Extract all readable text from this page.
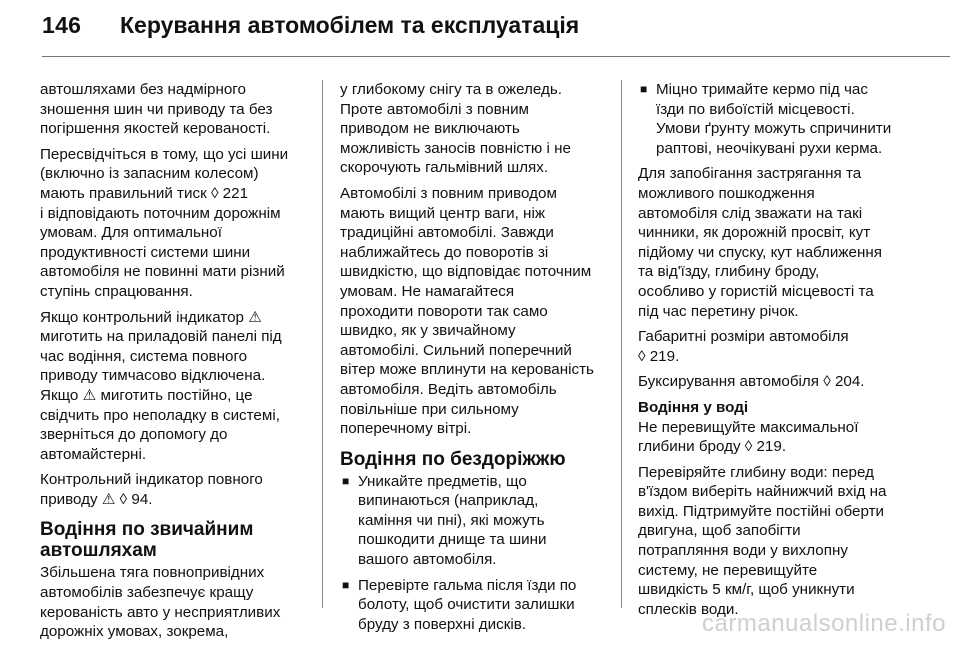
146 Керування автомобілем та експлуатація

автошляхами без надмірного
зношення шин чи приводу та без
погіршення якостей керованості.

Пересвідчіться в тому, що усі шини
(включно із запасним колесом)
мають правильний тиск ◊ 221
і відповідають поточним дорожнім
умовам. Для оптимальної
продуктивності системи шини
автомобіля не повинні мати різний
ступінь спрацювання.

Якщо контрольний індикатор ⚠
миготить на приладовій панелі під
час водіння, система повного
приводу тимчасово відключена.
Якщо ⚠ миготить постійно, це
свідчить про неполадку в системі,
зверніться до допомогу до
автомайстерні.

Контрольний індикатор повного
приводу ⚠ ◊ 94.

Водіння по звичайним
автошляхам

Збільшена тяга повнопривідних
автомобілів забезпечує кращу
керованість авто у несприятливих
дорожніх умовах, зокрема,

у глибокому снігу та в ожеледь.
Проте автомобілі з повним
приводом не виключають
можливість заносів повністю і не
скорочують гальмівний шлях.

Автомобілі з повним приводом
мають вищий центр ваги, ніж
традиційні автомобілі. Завжди
наближайтесь до поворотів зі
швидкістю, що відповідає поточним
умовам. Не намагайтеся
проходити повороти так само
швидко, як у звичайному
автомобілі. Сильний поперечний
вітер може вплинути на керованість
автомобіля. Ведіть автомобіль
повільніше при сильному
поперечному вітрі.

Водіння по бездоріжжю
■ Уникайте предметів, що
випинаються (наприклад,
каміння чи пні), які можуть
пошкодити днище та шини
вашого автомобіля.
■ Перевірте гальма після їзди по
болоту, щоб очистити залишки
бруду з поверхні дисків.
■ Міцно тримайте кермо під час
їзди по вибоїстій місцевості.
Умови ґрунту можуть спричинити
раптові, неочікувані рухи керма.

Для запобігання застрягання та
можливого пошкодження
автомобіля слід зважати на такі
чинники, як дорожній просвіт, кут
підйому чи спуску, кут наближення
та від'їзду, глибину броду,
особливо у гористій місцевості та
під час перетину річок.

Габаритні розміри автомобіля
◊ 219.

Буксирування автомобіля ◊ 204.

Водіння у воді

Не перевищуйте максимальної
глибини броду ◊ 219.

Перевіряйте глибину води: перед
в'їздом виберіть найнижчий вхід на
вихід. Підтримуйте постійні оберти
двигуна, щоб запобігти
потрапляння води у вихлопну
систему, не перевищуйте
швидкість 5 км/г, щоб уникнути
сплесків води.

carmanualsonline.info
